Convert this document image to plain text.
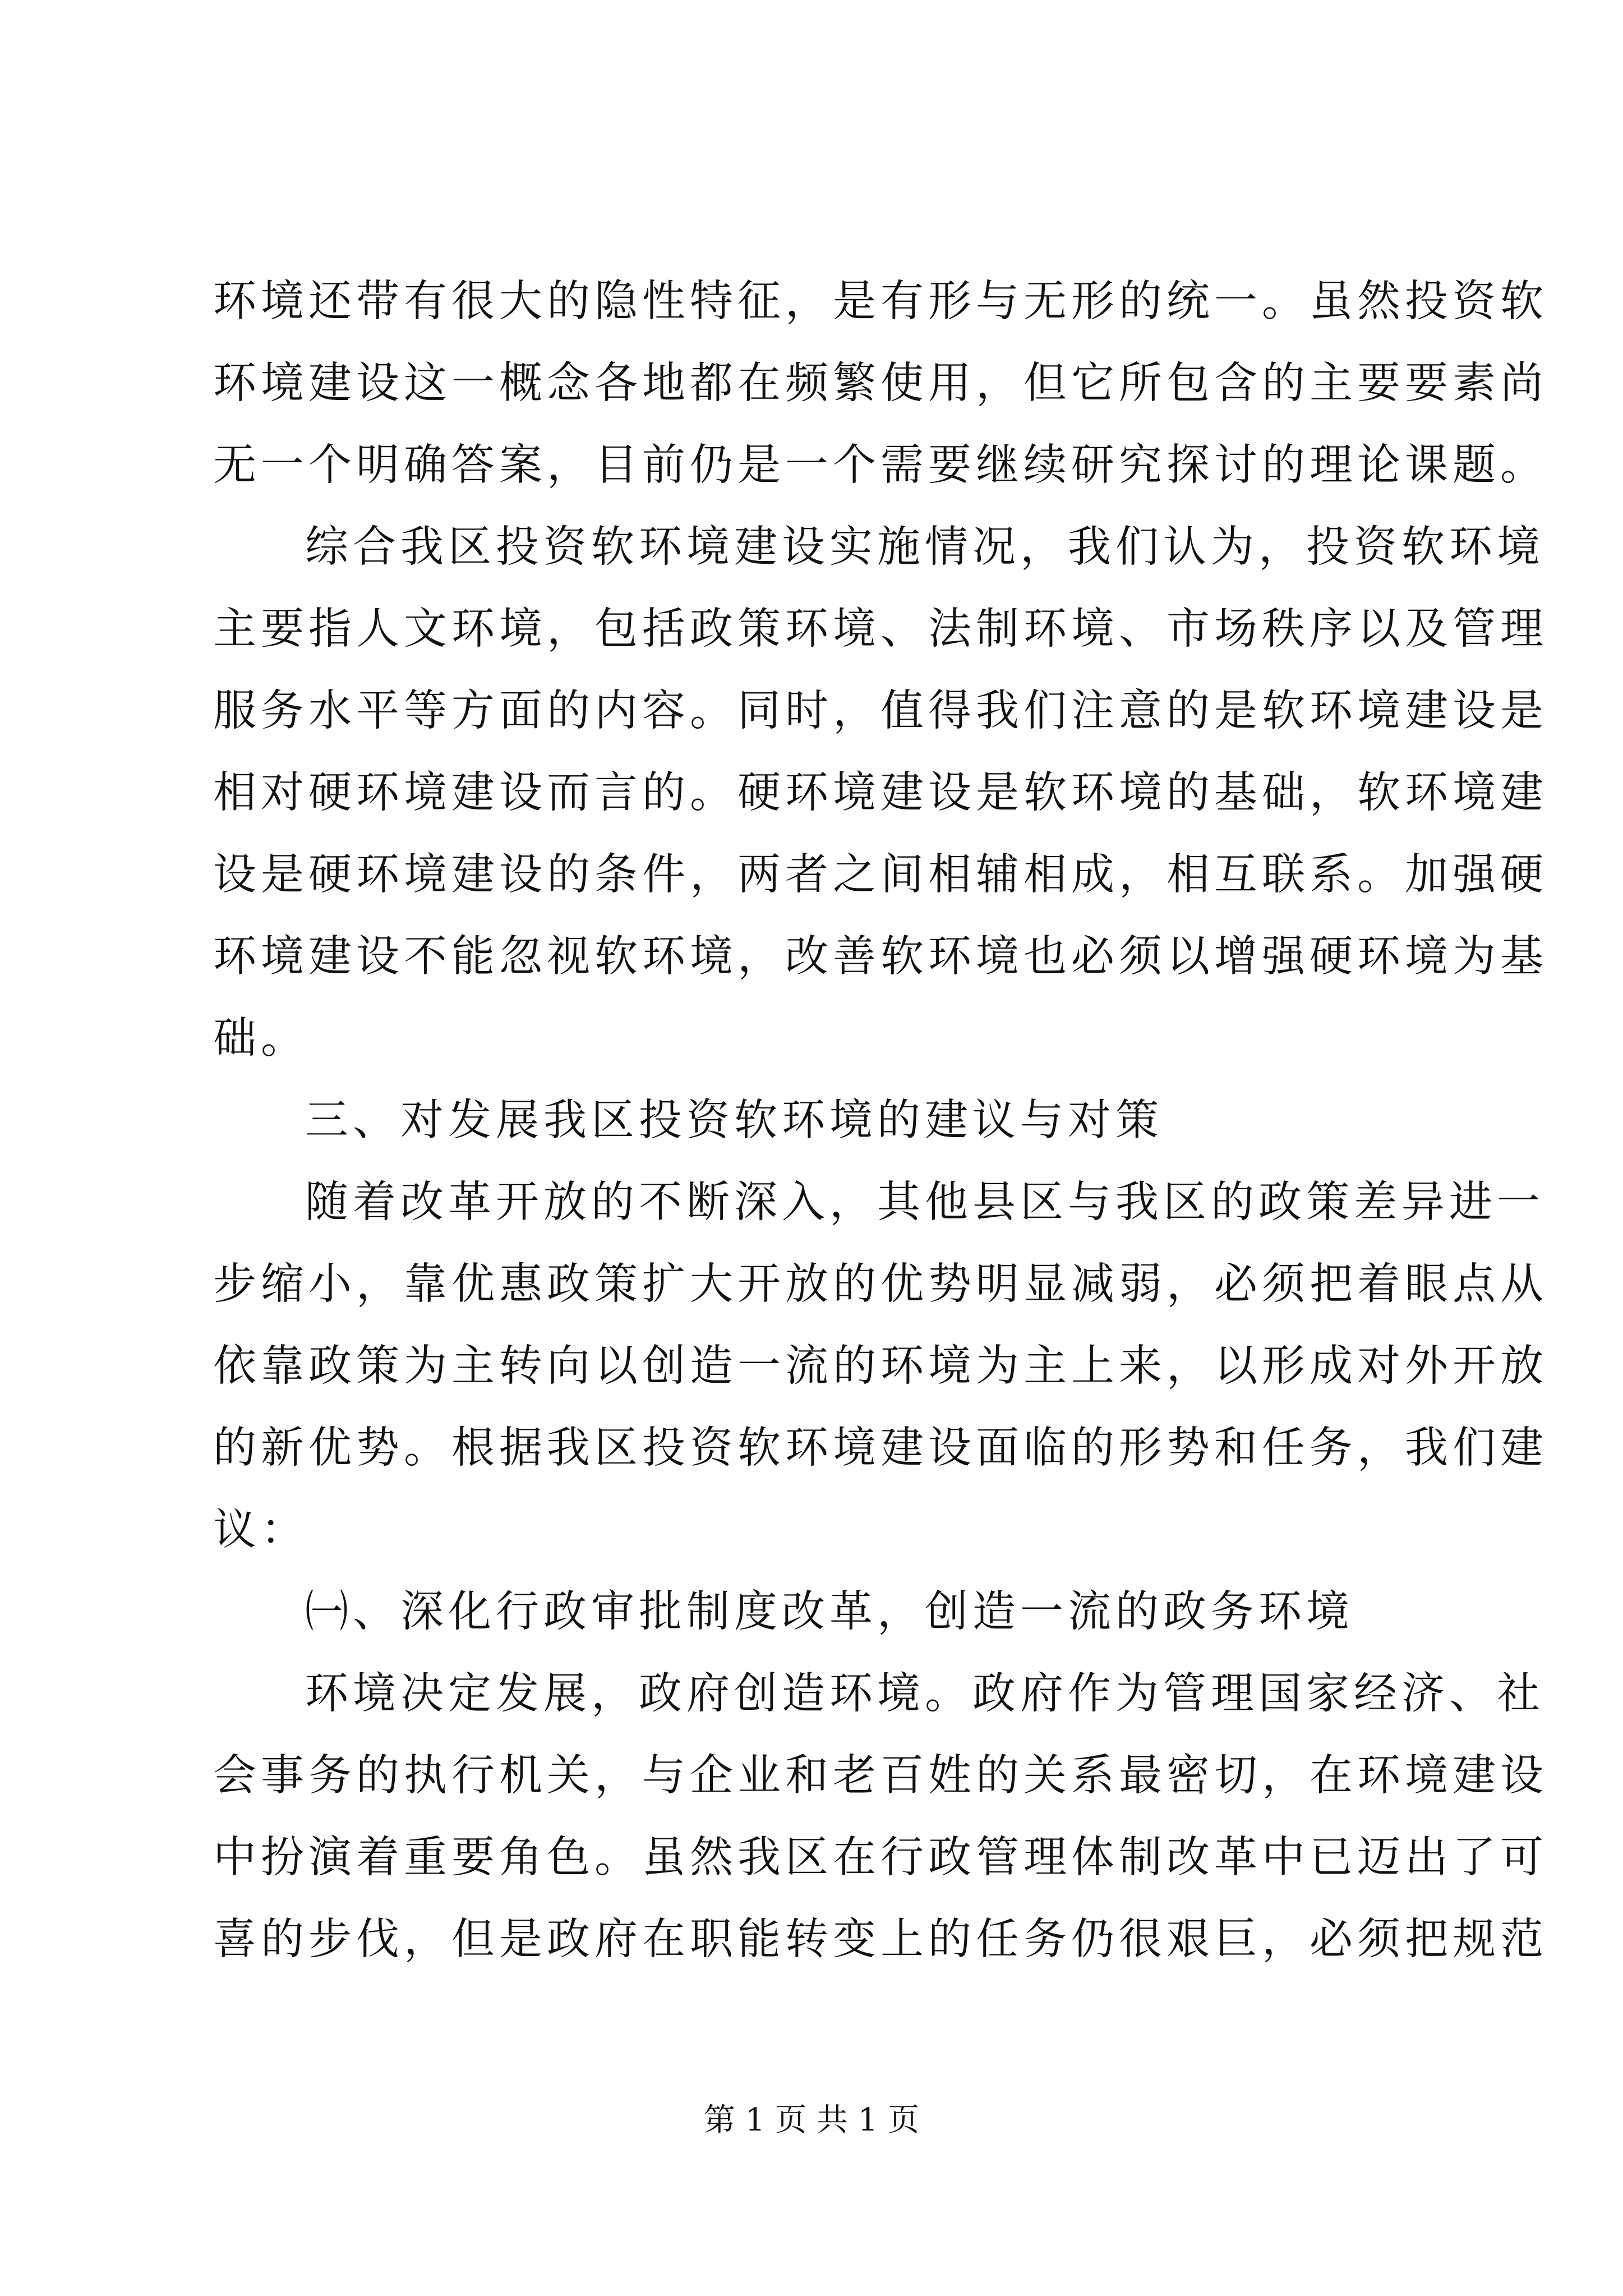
环境还带有很大的隐性特征，是有形与无形的统一。虽然投资软
环境建设这一概念各地都在频繁使用，但它所包含的主要要素尚
无一个明确答案，目前仍是一个需要继续研究探讨的理论课题。
综合我区投资软环境建设实施情况，我们认为，投资软环境
主要指人文环境，包括政策环境、法制环境、市场秩序以及管理
服务水平等方面的内容。同时，值得我们注意的是软环境建设是
相对硬环境建设而言的。硬环境建设是软环境的基础，软环境建
设是硬环境建设的条件，两者之间相辅相成，相互联系。加强硬
环境建设不能忽视软环境，改善软环境也必须以增强硬环境为基
础。
三、对发展我区投资软环境的建议与对策
随着改革开放的不断深入，其他县区与我区的政策差异进一
步缩小，靠优惠政策扩大开放的优势明显减弱，必须把着眼点从
依靠政策为主转向以创造一流的环境为主上来，以形成对外开放
的新优势。根据我区投资软环境建设面临的形势和任务，我们建
议：
㈠、深化行政审批制度改革，创造一流的政务环境
环境决定发展，政府创造环境。政府作为管理国家经济、社
会事务的执行机关，与企业和老百姓的关系最密切，在环境建设
中扮演着重要角色。虽然我区在行政管理体制改革中已迈出了可
喜的步伐，但是政府在职能转变上的任务仍很艰巨，必须把规范
第 1 页 共 1 页
